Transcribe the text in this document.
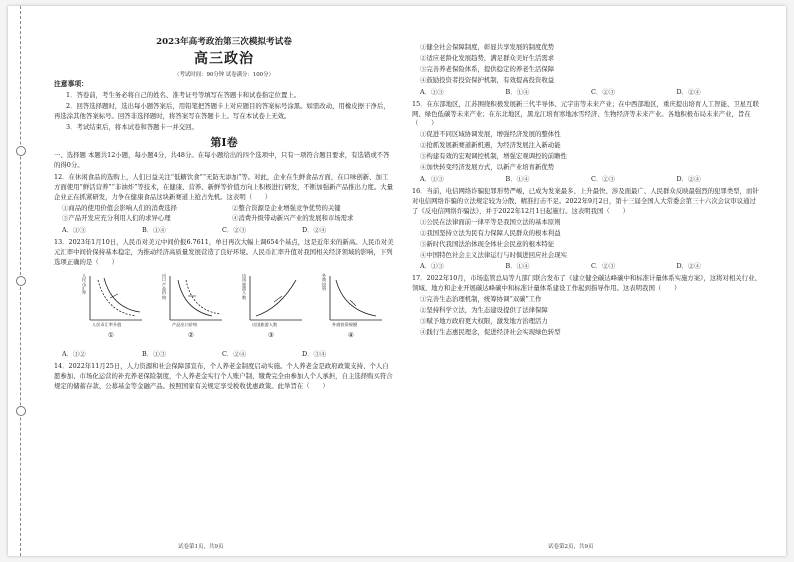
2023年高考政治第三次模拟考试卷

高三政治

（考试时间：90分钟 试卷满分：100分）

注意事项：

1．答卷前，考生务必将自己的姓名、准考证号等填写在答题卡和试卷指定位置上。

2．回答选择题时，选出每小题答案后，用铅笔把答题卡上对应题目的答案标号涂黑。如需改动，用橡皮擦干净后，再选涂其他答案标号。回答非选择题时，将答案写在答题卡上。写在本试卷上无效。

3．考试结束后，将本试卷和答题卡一并交回。

第Ⅰ卷

一、选择题 本题共12小题，每小题4分，共48分。在每小题给出的四个选项中，只有一项符合题目要求，有选错或不答的得0分。

12．在休闲食品的选购上，人们日益关注“低糖饮食”“无防无添加”等。对此，企业在生鲜食品方面，在口味创新、加工方面使用“鲜活营养”“非油炸”等技术，在健康、营养、新鲜等价值方向上积极进行研发，不断加强新产品推出力度。大量企业正在抓紧研发，力争在健康食品这块新赛道上抢占先机。这表明（　　）

①商品的使用价值会影响人们的消费选择	②整合资源是企业增强竞争优势的关键
③产品开发应充分利用人们的求异心理	④消费升级带动新兴产业的发展和市场需求
A．①③	B．①④	C．②③	D．②④

13．2023年1月10日，人民币对美元中间价报6.7611，单日再次大幅上调654个基点，这是近年来的新高。人民币对美元汇率中间价保持基本稳定，为推动经济高质量发展营造了良好环境。人民币汇率升值对我国相关经济领域的影响，下列选项正确的是（　　）

人民币汇率
人民币汇率升值
①
出口产品价格
产品出口价格
②
出国旅游人数
出国旅游人数
③
外商投资
外商投资规模
④
A．①②	B．①③	C．②④	D．③④

14．2022年11月25日，人力资源和社会保障部宣布，个人养老金制度启动实施。个人养老金是政府政策支持、个人自愿参加、市场化运营的补充养老保险制度，个人养老金实行个人账户制，缴费完全由参加人个人承担，自主选择购买符合规定的储蓄存款、公募基金等金融产品。按照国家有关规定享受税收优惠政策。此举旨在（　　）

①健全社会保障制度，彰显共享发展的制度优势

②适应老龄化发展趋势，满足群众美好生活需求

③完善养老保险体系，提供稳定的养老生活保障

④鼓励投资者投资保护机制，有效提高投资收益

A．①③	B．①④	C．②③	D．②④

15．在东部地区，江苏围绕积极发展新三代半导体、元宇宙等未来产业；在中西部地区，重庆提出培育人工智能、卫星互联网、绿色低碳等未来产业；在东北地区，黑龙江培育寒地冰雪经济、生物经济等未来产业。各地积极布局未来产业，旨在（　　）

①促进不同区域协调发展，增强经济发展的整体性

②抢抓发展新赛道新机遇，为经济发展注入新动能

③构建有效的宏观调控机制，增强宏观调控的前瞻性

④加快转变经济发展方式，以新产业培育新优势

A．①③	B．①④	C．②③	D．②④

16．当前，电信网络诈骗犯罪形势严峻，已成为发案最多、上升最快、涉及面最广、人民群众反映最强烈的犯罪类型，而针对电信网络诈骗的立法规定较为分散、精准打击不足。2022年9月2日，第十三届全国人大常委会第三十六次会议审议通过了《反电信网络诈骗法》，并于2022年12月1日起施行。这表明我国（　　）

①公民在法律面前一律平等是我国立法的基本原则

②我国坚持立法为民有力保障人民群众的根本利益

③新时代我国法治体现全体社会民意的根本特征

④中国特色社会主义法律运行与时俱进回应社会现实

A．①③	B．①④	C．②③	D．②④

17．2022年10月，市场监管总局等九部门联合发布了《建立健全碳达峰碳中和标准计量体系实施方案》，这将对相关行业、领域、地方和企业开展碳达峰碳中和标准计量体系建设工作起到指导作用。这表明我国（　　）

①完善生态治理机制，统筹协调“双碳”工作

②坚持科学立法，为生态建设提供了法律保障

③赋予地方政府更大权限，激发地方治理活力

④践行生态惠民理念，促进经济社会实现绿色转型

试卷第1页，共9页	试卷第2页，共9页
